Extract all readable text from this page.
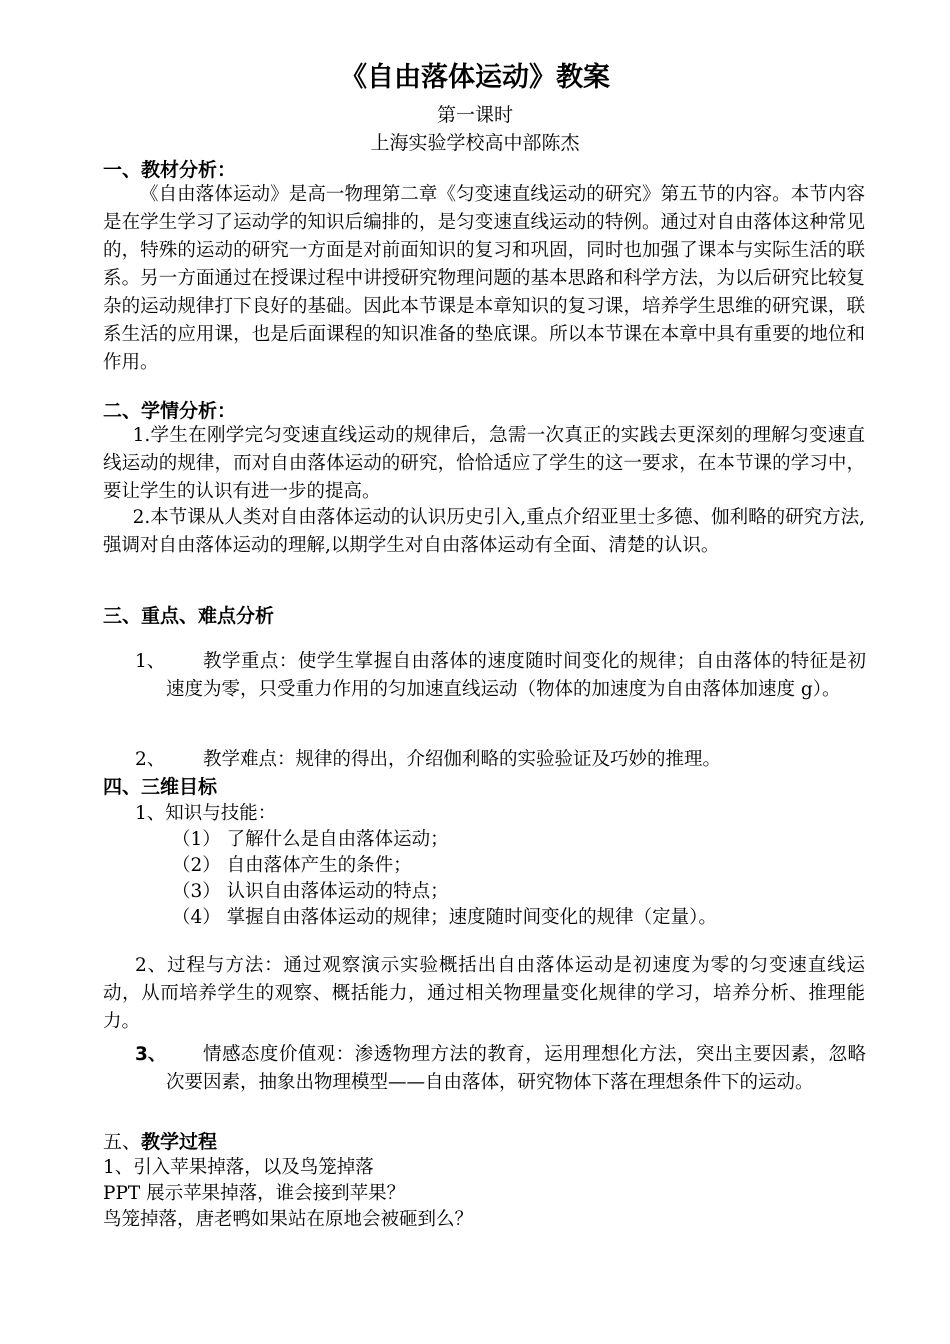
《自由落体运动》教案
第一课时
上海实验学校高中部陈杰
一、教材分析：

《自由落体运动》是高一物理第二章《匀变速直线运动的研究》第五节的内容。本节内容是在学生学习了运动学的知识后编排的，是匀变速直线运动的特例。通过对自由落体这种常见的，特殊的运动的研究一方面是对前面知识的复习和巩固，同时也加强了课本与实际生活的联系。另一方面通过在授课过程中讲授研究物理问题的基本思路和科学方法，为以后研究比较复杂的运动规律打下良好的基础。因此本节课是本章知识的复习课，培养学生思维的研究课，联系生活的应用课，也是后面课程的知识准备的垫底课。所以本节课在本章中具有重要的地位和作用。

二、学情分析：

1.学生在刚学完匀变速直线运动的规律后，急需一次真正的实践去更深刻的理解匀变速直线运动的规律，而对自由落体运动的研究，恰恰适应了学生的这一要求，在本节课的学习中，要让学生的认识有进一步的提高。

2.本节课从人类对自由落体运动的认识历史引入,重点介绍亚里士多德、伽利略的研究方法,强调对自由落体运动的理解,以期学生对自由落体运动有全面、清楚的认识。

三、重点、难点分析
1、	教学重点：使学生掌握自由落体的速度随时间变化的规律；自由落体的特征是初速度为零，只受重力作用的匀加速直线运动（物体的加速度为自由落体加速度 g）。

2、	教学难点：规律的得出，介绍伽利略的实验验证及巧妙的推理。

四、三维目标
1、知识与技能：
（1） 了解什么是自由落体运动；
（2） 自由落体产生的条件；
（3） 认识自由落体运动的特点；
（4） 掌握自由落体运动的规律；速度随时间变化的规律（定量）。

2、过程与方法：通过观察演示实验概括出自由落体运动是初速度为零的匀变速直线运动，从而培养学生的观察、概括能力，通过相关物理量变化规律的学习，培养分析、推理能力。

3、	情感态度价值观：渗透物理方法的教育，运用理想化方法，突出主要因素，忽略次要因素，抽象出物理模型——自由落体，研究物体下落在理想条件下的运动。

五、教学过程
1、引入苹果掉落，以及鸟笼掉落
PPT 展示苹果掉落，谁会接到苹果？
鸟笼掉落，唐老鸭如果站在原地会被砸到么？
